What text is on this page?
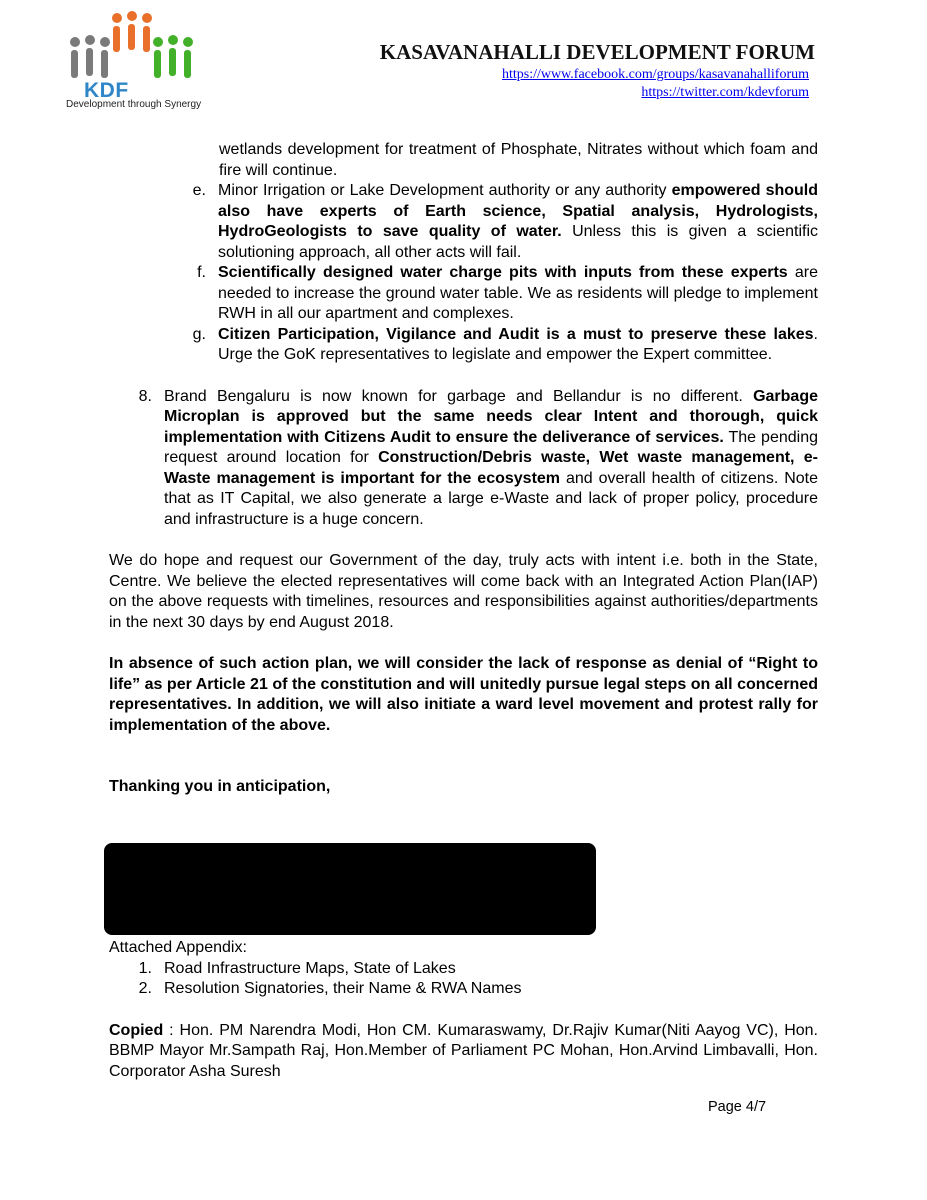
KDF
Development through Synergy
KASAVANAHALLI DEVELOPMENT FORUM
https://www.facebook.com/groups/kasavanahalliforum
https://twitter.com/kdevforum

wetlands development for treatment of Phosphate, Nitrates without which foam and fire will continue.

e. Minor Irrigation or Lake Development authority or any authority empowered should also have experts of Earth science, Spatial analysis, Hydrologists, HydroGeologists to save quality of water. Unless this is given a scientific solutioning approach, all other acts will fail.
f. Scientifically designed water charge pits with inputs from these experts are needed to increase the ground water table. We as residents will pledge to implement RWH in all our apartment and complexes.
g. Citizen Participation, Vigilance and Audit is a must to preserve these lakes. Urge the GoK representatives to legislate and empower the Expert committee.
8. Brand Bengaluru is now known for garbage and Bellandur is no different. Garbage Microplan is approved but the same needs clear Intent and thorough, quick implementation with Citizens Audit to ensure the deliverance of services. The pending request around location for Construction/Debris waste, Wet waste management, e-Waste management is important for the ecosystem and overall health of citizens. Note that as IT Capital, we also generate a large e-Waste and lack of proper policy, procedure and infrastructure is a huge concern.

We do hope and request our Government of the day, truly acts with intent i.e. both in the State, Centre. We believe the elected representatives will come back with an Integrated Action Plan(IAP) on the above requests with timelines, resources and responsibilities against authorities/departments in the next 30 days by end August 2018.

In absence of such action plan, we will consider the lack of response as denial of “Right to life” as per Article 21 of the constitution and will unitedly pursue legal steps on all concerned representatives. In addition, we will also initiate a ward level movement and protest rally for implementation of the above.

Thanking you in anticipation,

Attached Appendix:

1. Road Infrastructure Maps, State of Lakes
2. Resolution Signatories, their Name & RWA Names

Copied : Hon. PM Narendra Modi, Hon CM. Kumaraswamy, Dr.Rajiv Kumar(Niti Aayog VC), Hon. BBMP Mayor Mr.Sampath Raj, Hon.Member of Parliament PC Mohan, Hon.Arvind Limbavalli, Hon. Corporator Asha Suresh

Page 4/7
